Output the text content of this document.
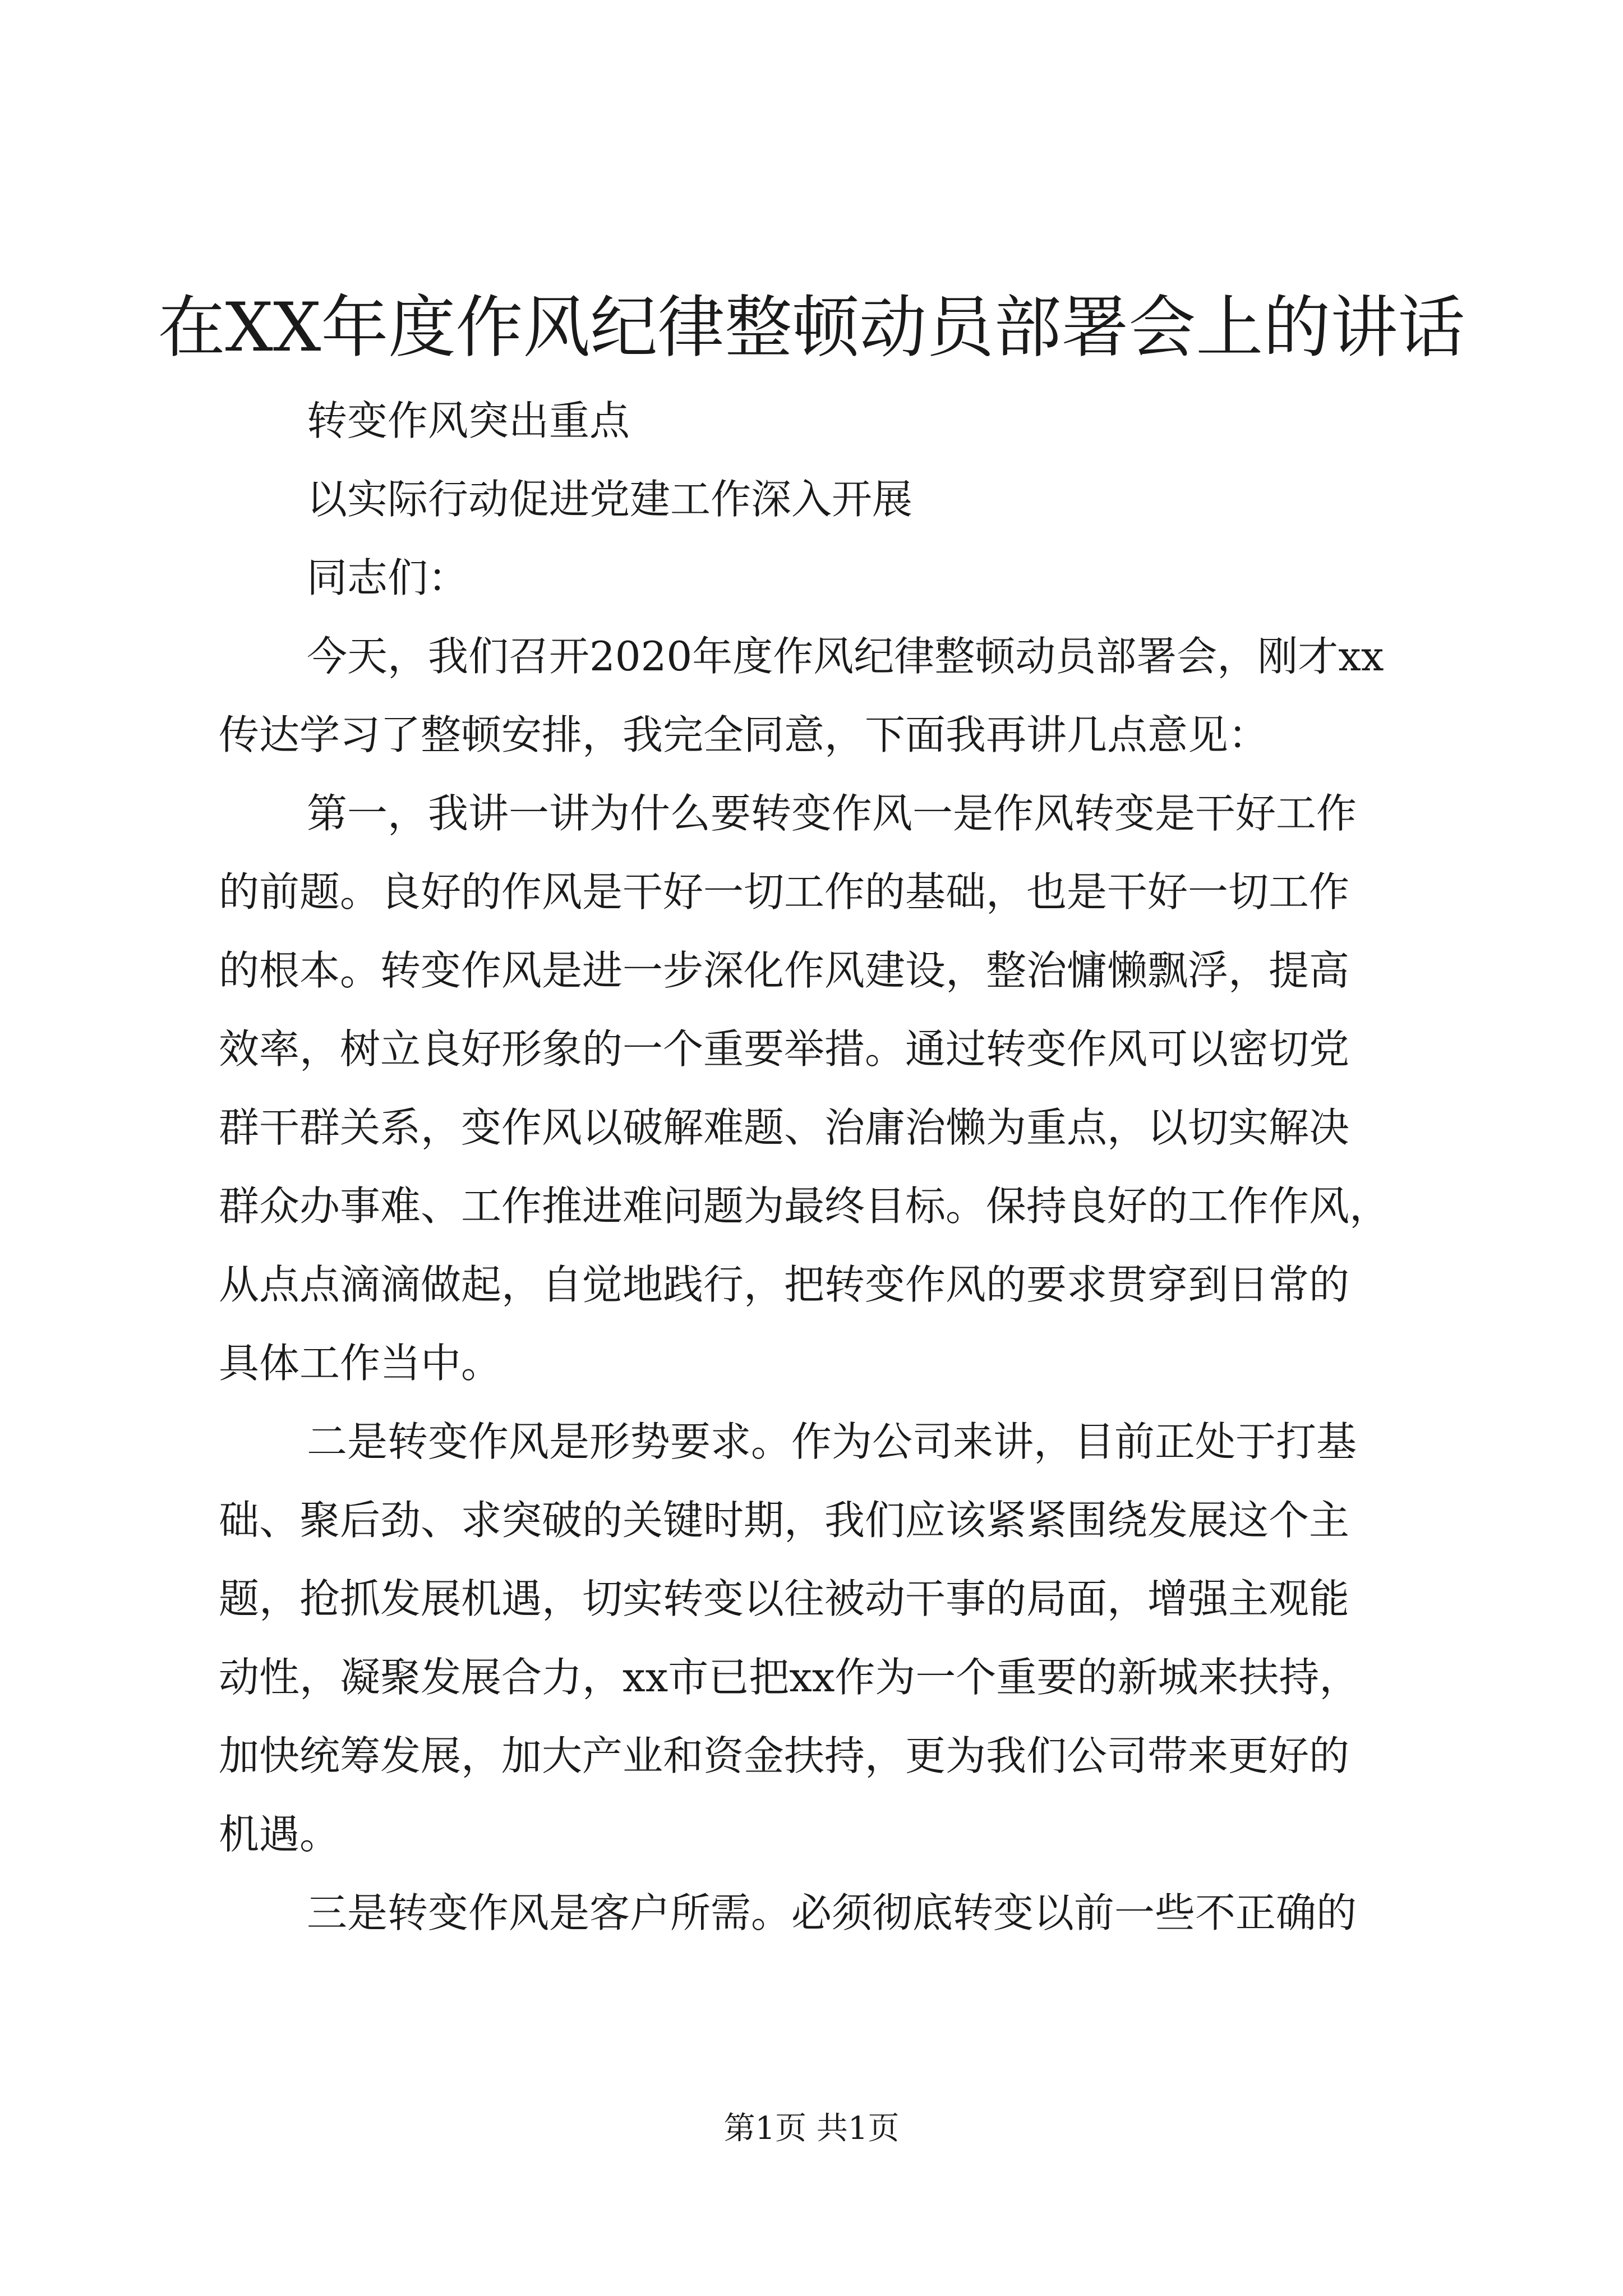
在XX年度作风纪律整顿动员部署会上的讲话

转变作风突出重点

以实际行动促进党建工作深入开展

同志们：

今天，我们召开2020年度作风纪律整顿动员部署会，刚才xx

传达学习了整顿安排，我完全同意，下面我再讲几点意见：

第一，我讲一讲为什么要转变作风一是作风转变是干好工作

的前题。良好的作风是干好一切工作的基础，也是干好一切工作

的根本。转变作风是进一步深化作风建设，整治慵懒飘浮，提高

效率，树立良好形象的一个重要举措。通过转变作风可以密切党

群干群关系，变作风以破解难题、治庸治懒为重点，以切实解决

群众办事难、工作推进难问题为最终目标。保持良好的工作作风，

从点点滴滴做起，自觉地践行，把转变作风的要求贯穿到日常的

具体工作当中。

二是转变作风是形势要求。作为公司来讲，目前正处于打基

础、聚后劲、求突破的关键时期，我们应该紧紧围绕发展这个主

题，抢抓发展机遇，切实转变以往被动干事的局面，增强主观能

动性，凝聚发展合力，xx市已把xx作为一个重要的新城来扶持，

加快统筹发展，加大产业和资金扶持，更为我们公司带来更好的

机遇。

三是转变作风是客户所需。必须彻底转变以前一些不正确的

第1页 共1页
